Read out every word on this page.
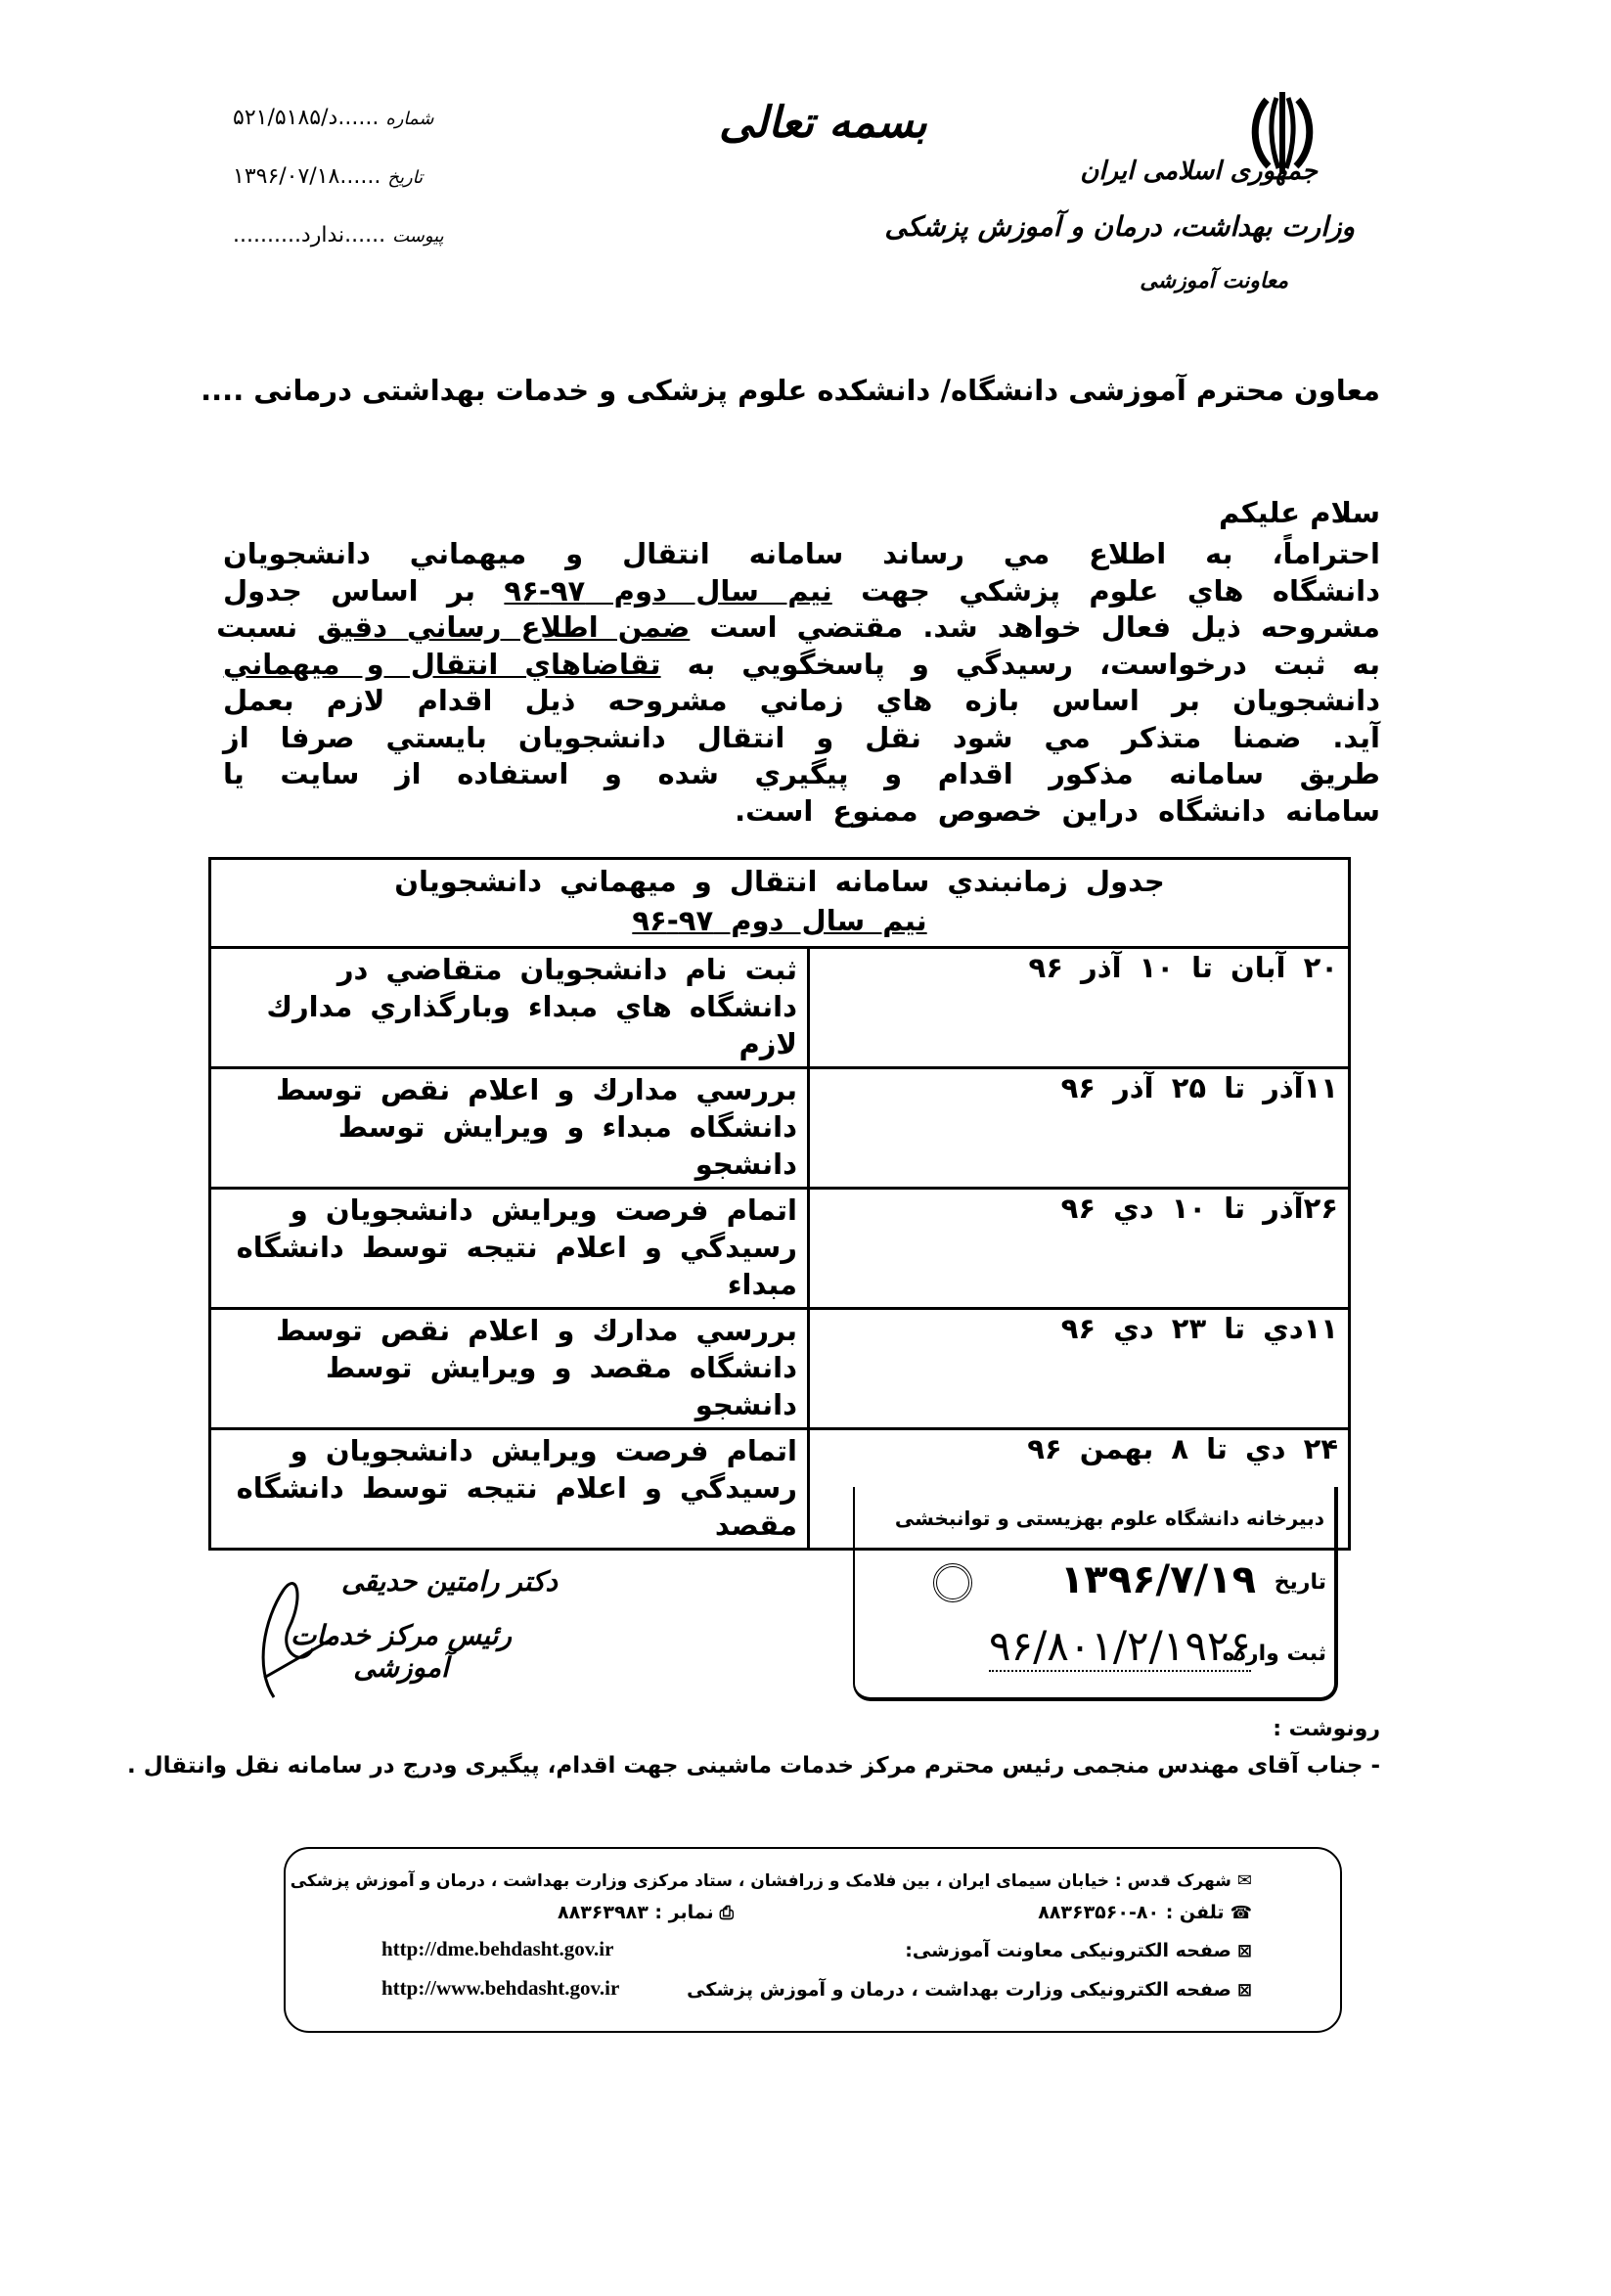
جمهوری اسلامی ایران
وزارت بهداشت، درمان و آموزش پزشکی
معاونت آموزشی
بسمه تعالی
شماره ......د/۵۲۱/۵۱۸۵
تاریخ ......۱۳۹۶/۰۷/۱۸
پیوست ......ندارد..........
معاون محترم آموزشی دانشگاه/ دانشکده علوم پزشکی و خدمات بهداشتی درمانی ....
سلام علیکم
احتراماً، به اطلاع مي رساند سامانه انتقال و ميهماني دانشجويان
دانشگاه هاي علوم پزشكي جهت نيم سال دوم ۹۷-۹۶ بر اساس جدول
مشروحه ذيل فعال خواهد شد. مقتضي است ضمن اطلاع رساني دقيق نسبت
به ثبت درخواست، رسيدگي و پاسخگويي به تقاضاهاي انتقال و ميهماني
دانشجويان بر اساس بازه هاي زماني مشروحه ذيل اقدام لازم بعمل
آيد. ضمنا متذكر مي شود نقل و انتقال دانشجويان بايستي صرفا از
طريق سامانه مذكور اقدام و پيگيري شده و استفاده از سايت يا
سامانه دانشگاه دراين خصوص ممنوع است.
جدول زمانبندي سامانه انتقال و ميهماني دانشجويان
نيم سال دوم ۹۷-۹۶	

۲۰ آبان تا ۱۰ آذر ۹۶	ثبت نام دانشجويان متقاضي در دانشگاه هاي مبداء وبارگذاري مدارك لازم
۱۱آذر تا ۲۵ آذر ۹۶	بررسي مدارك و اعلام نقص توسط دانشگاه مبداء و ويرايش توسط دانشجو
۲۶آذر تا ۱۰ دي ۹۶	اتمام فرصت ويرايش دانشجويان و رسيدگي و اعلام نتيجه توسط دانشگاه مبداء
۱۱دي تا ۲۳ دي ۹۶	بررسي مدارك و اعلام نقص توسط دانشگاه مقصد و ويرايش توسط دانشجو
۲۴ دي تا ۸ بهمن ۹۶	اتمام فرصت ويرايش دانشجويان و رسيدگي و اعلام نتيجه توسط دانشگاه مقصد
دکتر رامتین حدیقی
رئیس مرکز خدمات آموزشی
دبیرخانه دانشگاه علوم بهزیستی و توانبخشی
تاریخ
۱۳۹۶/۷/۱۹
ثبت وارده
۹۶/۸۰۱/۲/۱۹۲۶
رونوشت :
- جناب آقای مهندس منجمی رئیس محترم مرکز خدمات ماشینی جهت اقدام، پیگیری ودرج در سامانه نقل وانتقال .
✉شهرک قدس : خیابان سیمای ایران ، بین فلامک و زرافشان ، ستاد مرکزی وزارت بهداشت ، درمان و آموزش پزشکی
☎تلفن : ۸۰-۸۸۳۶۳۵۶۰
⎙نمابر : ۸۸۳۶۳۹۸۳
⊠صفحه الکترونیکی معاونت آموزشی:
http://dme.behdasht.gov.ir
⊠صفحه الکترونیکی وزارت بهداشت ، درمان و آموزش پزشکی
http://www.behdasht.gov.ir
